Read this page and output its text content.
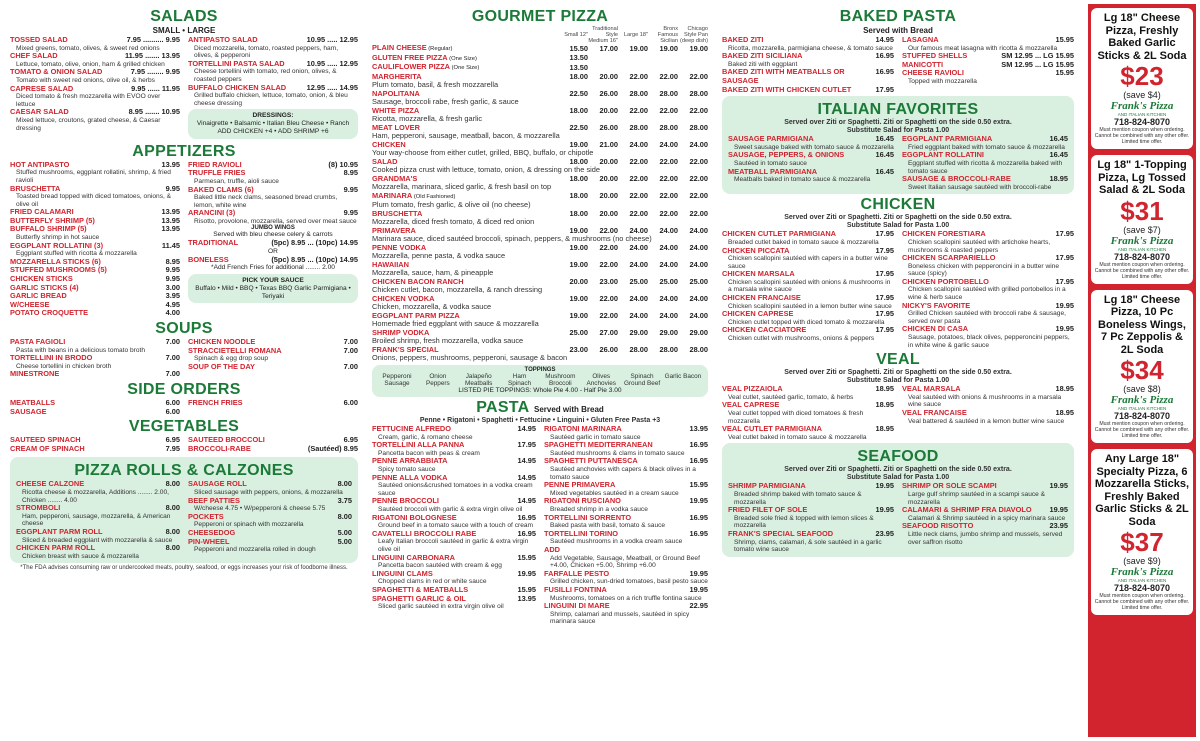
SALADS
SMALL • LARGE
TOSSED SALAD	7.95 .......... 9.95
Mixed greens, tomato, olives, & sweet red onions
CHEF SALAD	11.95 ....... 13.95
Lettuce, tomato, olive, onion, ham & grilled chicken
TOMATO & ONION SALAD	7.95 ........ 9.95
Tomato with sweet red onions, olive oil, & herbs
CAPRESE SALAD	9.95 ...... 11.95
Diced tomato & fresh mozzarella with EVOO over lettuce
CAESAR SALAD	8.95 ....... 10.95
Mixed lettuce, croutons, grated cheese, & Caesar dressing
ANTIPASTO SALAD	10.95 ..... 12.95
Diced mozzarella, tomato, roasted peppers, ham, olives, & pepperoni
TORTELLINI PASTA SALAD	10.95 ..... 12.95
Cheese tortellini with tomato, red onion, olives, & roasted peppers
BUFFALO CHICKEN SALAD	12.95 ..... 14.95
Grilled buffalo chicken, lettuce, tomato, onion, & bleu cheese dressing
DRESSINGS:
Vinaigrette • Balsamic • Italian Bleu Cheese • Ranch
ADD CHICKEN +4 • ADD SHRIMP +6
APPETIZERS
HOT ANTIPASTO	13.95
Stuffed mushrooms, eggplant rollatini, shrimp, & fried ravioli
BRUSCHETTA	9.95
Toasted bread topped with diced tomatoes, onions, & olive oil
FRIED CALAMARI	13.95
BUTTERFLY SHRIMP (5)	13.95
BUFFALO SHRIMP (5)	13.95
Butterfly shrimp in hot sauce
EGGPLANT ROLLATINI (3)	11.45
Eggplant stuffed with ricotta & mozzarella
MOZZARELLA STICKS (6)	8.95
STUFFED MUSHROOMS (5)	9.95
CHICKEN STICKS	9.95
GARLIC STICKS (4)	3.00
GARLIC BREAD	3.95
W/CHEESE	4.95
POTATO CROQUETTE	4.00
FRIED RAVIOLI	(8) 10.95
TRUFFLE FRIES	8.95
Parmesan, truffle, aioli sauce
BAKED CLAMS (6)	9.95
Baked little neck clams, seasoned bread crumbs, lemon, white wine
ARANCINI (3)	9.95
Risotto, provolone, mozzarella, served over meat sauce
JUMBO WINGS
Served with bleu cheese celery & carrots
TRADITIONAL	(5pc) 8.95 ... (10pc) 14.95
OR
BONELESS	(5pc) 8.95 ... (10pc) 14.95
*Add French Fries for additional ........ 2.00
PICK YOUR SAUCE
Buffalo • Mild • BBQ • Texas BBQ Garlic Parmigiana • Teriyaki
SOUPS
PASTA FAGIOLI	7.00
Pasta with beans in a delicious tomato broth
TORTELLINI IN BRODO	7.00
Cheese tortellini in chicken broth
MINESTRONE	7.00
CHICKEN NOODLE	7.00
STRACCIETELLI ROMANA	7.00
Spinach & egg drop soup
SOUP OF THE DAY	7.00
SIDE ORDERS
MEATBALLS	6.00
SAUSAGE	6.00
FRENCH FRIES	6.00
VEGETABLES
SAUTEED SPINACH	6.95
CREAM OF SPINACH	7.95
SAUTEED BROCCOLI	6.95
BROCCOLI-RABE	(Sautéed) 8.95
PIZZA ROLLS & CALZONES
CHEESE CALZONE	8.00
Ricotta cheese & mozzarella, Additions ........ 2.00, Chicken ........ 4.00
STROMBOLI	8.00
Ham, pepperoni, sausage, mozzarella, & American cheese
EGGPLANT PARM ROLL	8.00
Sliced & breaded eggplant with mozzarella & sauce
CHICKEN PARM ROLL	8.00
Chicken breast with sauce & mozzarella
SAUSAGE ROLL	8.00
Sliced sausage with peppers, onions, & mozzarella
BEEF PATTIES	3.75
W/cheese 4.75 • W/pepperoni & cheese 5.75
POCKETS	8.00
Pepperoni or spinach with mozzarella
CHEESEDOG	5.00
PIN-WHEEL	5.00
Pepperoni and mozzarella rolled in dough
*The FDA advises consuming raw or undercooked meats, poultry, seafood, or eggs increases your risk of foodborne illness.
GOURMET PIZZA
	Small 12"	Traditional Style Medium 16"	Large 18"	Bronx Famous Sicilian	Chicago Style Pan (deep dish)
PLAIN CHEESE (Regular)	15.50	17.00	19.00	19.00	19.00
GLUTEN FREE PIZZA (One Size)	13.50				
CAULIFLOWER PIZZA (One Size)	13.50				
MARGHERITA	18.00	20.00	22.00	22.00	22.00
Plum tomato, basil, & fresh mozzarella					
NAPOLITANA	22.50	26.00	28.00	28.00	28.00
Sausage, broccoli rabe, fresh garlic, & sauce					
WHITE PIZZA	18.00	20.00	22.00	22.00	22.00
Ricotta, mozzarella, & fresh garlic					
MEAT LOVER	22.50	26.00	28.00	28.00	28.00
Ham, pepperoni, sausage, meatball, bacon, & mozzarella					
CHICKEN	19.00	21.00	24.00	24.00	24.00
Your way-choose from either cutlet, grilled, BBQ, buffalo, or chipotle					
SALAD	18.00	20.00	22.00	22.00	22.00
Cooked pizza crust with lettuce, tomato, onion, & dressing on the side					
GRANDMA'S	18.00	20.00	22.00	22.00	22.00
Mozzarella, marinara, sliced garlic, & fresh basil on top					
MARINARA (Old Fashioned)	18.00	20.00	22.00	22.00	22.00
Plum tomato, fresh garlic, & olive oil (no cheese)					
BRUSCHETTA	18.00	20.00	22.00	22.00	22.00
Mozzarella, diced fresh tomato, & diced red onion					
PRIMAVERA	19.00	22.00	24.00	24.00	24.00
Marinara sauce, diced sautéed broccoli, spinach, peppers, & mushrooms (no cheese)					
PENNE VODKA	19.00	22.00	24.00	24.00	24.00
Mozzarella, penne pasta, & vodka sauce					
HAWAIIAN	19.00	22.00	24.00	24.00	24.00
Mozzarella, sauce, ham, & pineapple					
CHICKEN BACON RANCH	20.00	23.00	25.00	25.00	25.00
Chicken cutlet, bacon, mozzarella, & ranch dressing					
CHICKEN VODKA	19.00	22.00	24.00	24.00	24.00
Chicken, mozzarella, & vodka sauce					
EGGPLANT PARM PIZZA	19.00	22.00	24.00	24.00	24.00
Homemade fried eggplant with sauce & mozzarella					
SHRIMP VODKA	25.00	27.00	29.00	29.00	29.00
Broiled shrimp, fresh mozzarella, vodka sauce					
FRANK'S SPECIAL	23.00	26.00	28.00	28.00	28.00
Onions, peppers, mushrooms, pepperoni, sausage & bacon					
TOPPINGS
Pepperoni Sausage
Onion Peppers
Jalapeño Meatballs
Ham Spinach
Mushroom Broccoli
Olives Anchovies
Spinach Ground Beef
Garlic Bacon
LISTED PIE TOPPINGS: Whole Pie 4.00 - Half Pie 3.00
PASTA Served with Bread
Penne • Rigatoni • Spaghetti • Fettucine • Linguini • Gluten Free Pasta +3
FETTUCINE ALFREDO	14.95
Cream, garlic, & romano cheese
TORTELLINI ALLA PANNA	17.95
Pancetta bacon with peas & cream
PENNE ARRABBIATA	14.95
Spicy tomato sauce
PENNE ALLA VODKA	14.95
Sautéed onions&crushed tomatoes in a vodka cream sauce
PENNE BROCCOLI	14.95
Sautéed broccoli with garlic & extra virgin olive oil
RIGATONI BOLOGNESE	16.95
Ground beef in a tomato sauce with a touch of cream
CAVATELLI BROCCOLI RABE	16.95
Leafy Italian broccoli sautéed in garlic & extra virgin olive oil
LINGUINI CARBONARA	15.95
Pancetta bacon sautéed with cream & egg
LINGUINI CLAMS	19.95
Chopped clams in red or white sauce
SPAGHETTI & MEATBALLS	15.95
SPAGHETTI GARLIC & OIL	13.95
Sliced garlic sautéed in extra virgin olive oil
RIGATONI MARINARA	13.95
Sautéed garlic in tomato sauce
SPAGHETTI MEDITERRANEAN	16.95
Sautéed mushrooms & clams in tomato sauce
SPAGHETTI PUTTANESCA	16.95
Sautéed anchovies with capers & black olives in a tomato sauce
PENNE PRIMAVERA	15.95
Mixed vegetables sautéed in a cream sauce
RIGATONI RUSCIANO	19.95
Breaded shrimp in a vodka sauce
TORTELLINI SORRENTO	16.95
Baked pasta with basil, tomato & sauce
TORTELLINI TORINO	16.95
Sautéed mushrooms in a vodka cream sauce
ADD
Add Vegetable, Sausage, Meatball, or Ground Beef +4.00, Chicken +5.00, Shrimp +6.00
FARFALLE PESTO	19.95
Grilled chicken, sun-dried tomatoes, basil pesto sauce
FUSILLI FONTINA	19.95
Mushrooms, tomatoes on a rich truffle fontina sauce
LINGUINI DI MARE	22.95
Shrimp, calamari and mussels, sautéed in spicy marinara sauce
BAKED PASTA
Served with Bread
BAKED ZITI	14.95
Ricotta, mozzarella, parmigiana cheese, & tomato sauce
BAKED ZITI SICILIANA	16.95
Baked ziti with eggplant
BAKED ZITI WITH MEATBALLS OR SAUSAGE
16.95
BAKED ZITI WITH CHICKEN CUTLET	17.95
LASAGNA	15.95
Our famous meat lasagna with ricotta & mozzarella
STUFFED SHELLS	SM 12.95 ... LG 15.95
MANICOTTI	SM 12.95 ... LG 15.95
CHEESE RAVIOLI	15.95
Topped with mozzarella
ITALIAN FAVORITES
Served over Ziti or Spaghetti. Ziti or Spaghetti on the side 0.50 extra.
Substitute Salad for Pasta 1.00
SAUSAGE PARMIGIANA	16.45
Sweet sausage baked with tomato sauce & mozzarella
SAUSAGE, PEPPERS, & ONIONS	16.45
Sautéed in tomato sauce
MEATBALL PARMIGIANA	16.45
Meatballs baked in tomato sauce & mozzarella
EGGPLANT PARMIGIANA	16.45
Fried eggplant baked with tomato sauce & mozzarella
EGGPLANT ROLLATINI	16.45
Eggplant stuffed with ricotta & mozzarella baked with tomato sauce
SAUSAGE & BROCCOLI-RABE	18.95
Sweet Italian sausage sautéed with broccoli-rabe
CHICKEN
Served over Ziti or Spaghetti. Ziti or Spaghetti on the side 0.50 extra.
Substitute Salad for Pasta 1.00
CHICKEN CUTLET PARMIGIANA	17.95
Breaded cutlet baked in tomato sauce & mozzarella
CHICKEN PICCATA	17.95
Chicken scallopini sautéed with capers in a butter wine sauce
CHICKEN MARSALA	17.95
Chicken scallopini sautéed with onions & mushrooms in a marsala wine sauce
CHICKEN FRANCAISE	17.95
Chicken scallopini sautéed in a lemon butter wine sauce
CHICKEN CAPRESE	17.95
Chicken cutlet topped with diced tomato & mozzarella
CHICKEN CACCIATORE	17.95
Chicken cutlet with mushrooms, onions & peppers
CHICKEN FORESTIARA	17.95
Chicken scallopini sautéed with artichoke hearts, mushrooms & roasted peppers
CHICKEN SCARPARIELLO	17.95
Boneless chicken with pepperoncini in a butter wine sauce (spicy)
CHICKEN PORTOBELLO	17.95
Chicken scallopini sautéed with grilled portobellos in a wine & herb sauce
NICKY'S FAVORITE	19.95
Grilled Chicken sautéed with broccoli rabe & sausage, served over pasta
CHICKEN DI CASA	19.95
Sausage, potatoes, black olives, pepperoncini peppers, in white wine & garlic sauce
VEAL
Served over Ziti or Spaghetti. Ziti or Spaghetti on the side 0.50 extra.
Substitute Salad for Pasta 1.00
VEAL PIZZAIOLA	18.95
Veal cutlet, sautéed garlic, tomato, & herbs
VEAL CAPRESE	18.95
Veal cutlet topped with diced tomatoes & fresh mozzarella
VEAL CUTLET PARMIGIANA	18.95
Veal cutlet baked in tomato sauce & mozzarella
VEAL MARSALA	18.95
Veal sautéed with onions & mushrooms in a marsala wine sauce
VEAL FRANCAISE	18.95
Veal battered & sautéed in a lemon butter wine sauce
SEAFOOD
Served over Ziti or Spaghetti. Ziti or Spaghetti on the side 0.50 extra.
Substitute Salad for Pasta 1.00
SHRIMP PARMIGIANA	19.95
Breaded shrimp baked with tomato sauce & mozzarella
FRIED FILET OF SOLE	19.95
Breaded sole fried & topped with lemon slices & mozzarella
FRANK'S SPECIAL SEAFOOD	23.95
Shrimp, clams, calamari, & sole sautéed in a garlic tomato wine sauce
SHRIMP OR SOLE SCAMPI	19.95
Large gulf shrimp sautéed in a scampi sauce & mozzarella
CALAMARI & SHRIMP FRA DIAVOLO 19.95
Calamari & Shrimp sautéed in a spicy marinara sauce
SEAFOOD RISOTTO	23.95
Little neck clams, jumbo shrimp and mussels, served over saffron risotto
Lg 18" Cheese Pizza, Freshly Baked Garlic Sticks & 2L Soda
$23
(save $4)
Frank's Pizza
AND ITALIAN KITCHEN
718-824-8070
Must mention coupon when ordering. Cannot be combined with any other offer. Limited time offer.
Lg 18" 1-Topping Pizza, Lg Tossed Salad & 2L Soda
$31
(save $7)
Frank's Pizza
AND ITALIAN KITCHEN
718-824-8070
Must mention coupon when ordering. Cannot be combined with any other offer. Limited time offer.
Lg 18" Cheese Pizza, 10 Pc Boneless Wings, 7 Pc Zeppolis & 2L Soda
$34
(save $8)
Frank's Pizza
AND ITALIAN KITCHEN
718-824-8070
Must mention coupon when ordering. Cannot be combined with any other offer. Limited time offer.
Any Large 18" Specialty Pizza, 6 Mozzarella Sticks, Freshly Baked Garlic Sticks & 2L Soda
$37
(save $9)
Frank's Pizza
AND ITALIAN KITCHEN
718-824-8070
Must mention coupon when ordering. Cannot be combined with any other offer. Limited time offer.
